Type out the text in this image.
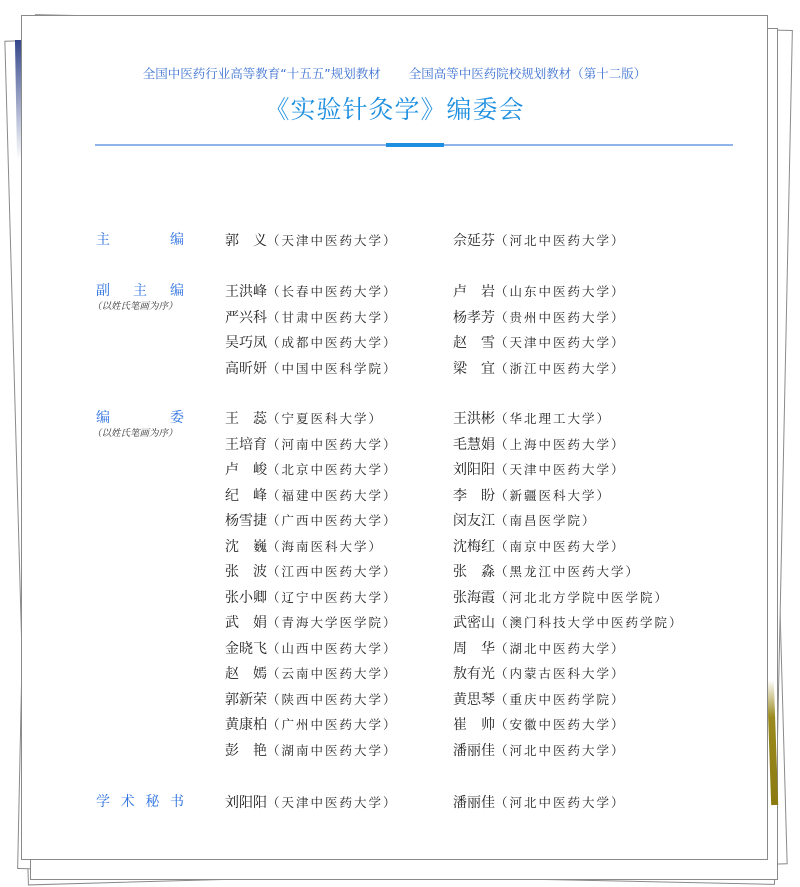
全国中医药行业高等教育“十五五”规划教材 全国高等中医药院校规划教材（第十二版）
《实验针灸学》编委会
主	编	郭　义（天津中医药大学）	佘延芬（河北中医药大学）
副 主 编
（以姓氏笔画为序）
王洪峰（长春中医药大学）	卢　岩（山东中医药大学）
严兴科（甘肃中医药大学）	杨孝芳（贵州中医药大学）
吴巧凤（成都中医药大学）	赵　雪（天津中医药大学）
高昕妍（中国中医科学院）	梁　宜（浙江中医药大学）
编	委
（以姓氏笔画为序）
王　蕊（宁夏医科大学）	王洪彬（华北理工大学）
王培育（河南中医药大学）	毛慧娟（上海中医药大学）
卢　峻（北京中医药大学）	刘阳阳（天津中医药大学）
纪　峰（福建中医药大学）	李　盼（新疆医科大学）
杨雪捷（广西中医药大学）	闵友江（南昌医学院）
沈　巍（海南医科大学）	沈梅红（南京中医药大学）
张　波（江西中医药大学）	张　淼（黑龙江中医药大学）
张小卿（辽宁中医药大学）	张海霞（河北北方学院中医学院）
武　娟（青海大学医学院）	武密山（澳门科技大学中医药学院）
金晓飞（山西中医药大学）	周　华（湖北中医药大学）
赵　嫣（云南中医药大学）	敖有光（内蒙古医科大学）
郭新荣（陕西中医药大学）	黄思琴（重庆中医药学院）
黄康柏（广州中医药大学）	崔　帅（安徽中医药大学）
彭　艳（湖南中医药大学）	潘丽佳（河北中医药大学）
学 术 秘 书	刘阳阳（天津中医药大学）	潘丽佳（河北中医药大学）
